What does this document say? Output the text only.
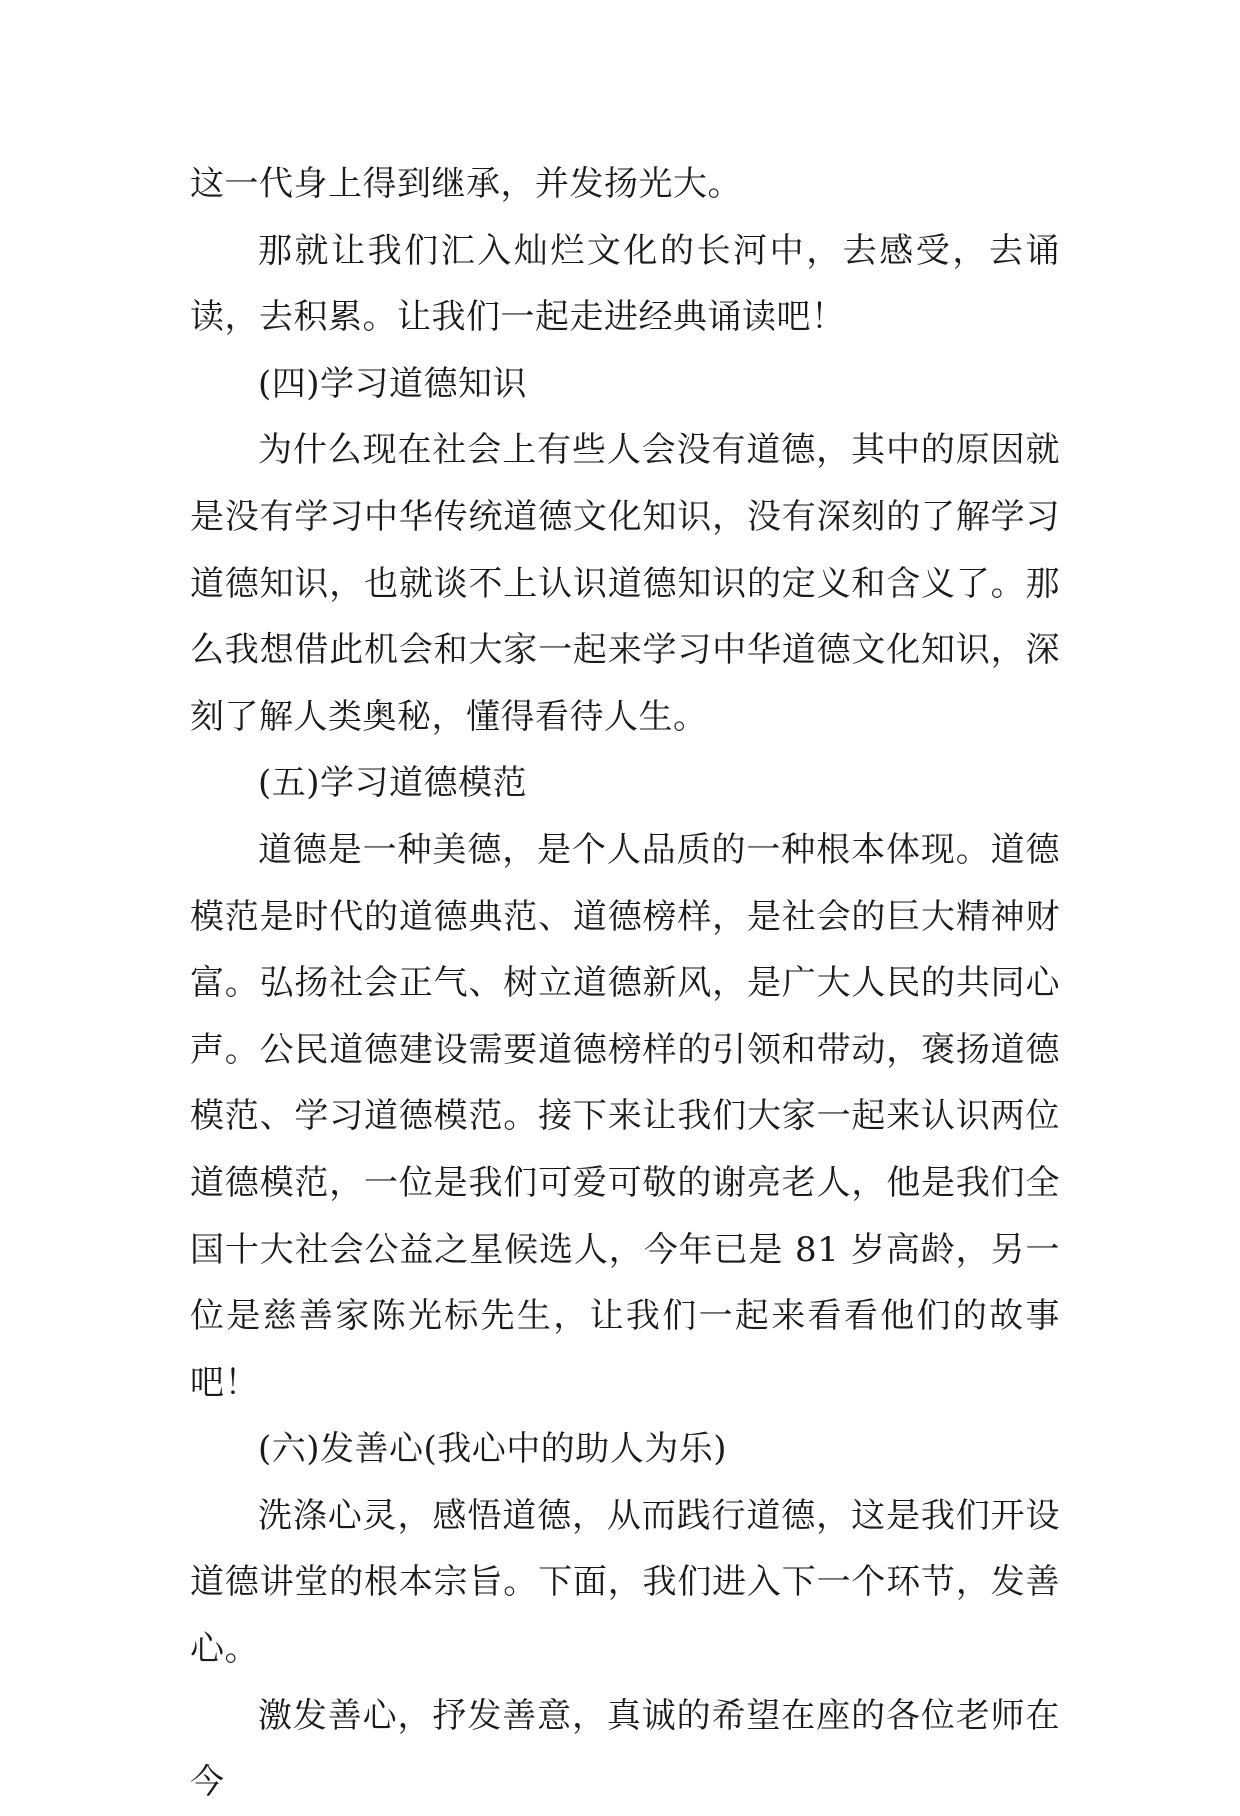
这一代身上得到继承，并发扬光大。

那就让我们汇入灿烂文化的长河中，去感受，去诵读，去积累。让我们一起走进经典诵读吧！

(四)学习道德知识

为什么现在社会上有些人会没有道德，其中的原因就是没有学习中华传统道德文化知识，没有深刻的了解学习道德知识，也就谈不上认识道德知识的定义和含义了。那么我想借此机会和大家一起来学习中华道德文化知识，深刻了解人类奥秘，懂得看待人生。

(五)学习道德模范

道德是一种美德，是个人品质的一种根本体现。道德模范是时代的道德典范、道德榜样，是社会的巨大精神财富。弘扬社会正气、树立道德新风，是广大人民的共同心声。公民道德建设需要道德榜样的引领和带动，褒扬道德模范、学习道德模范。接下来让我们大家一起来认识两位道德模范，一位是我们可爱可敬的谢亮老人，他是我们全国十大社会公益之星候选人，今年已是 81 岁高龄，另一位是慈善家陈光标先生，让我们一起来看看他们的故事吧！

(六)发善心(我心中的助人为乐)

洗涤心灵，感悟道德，从而践行道德，这是我们开设道德讲堂的根本宗旨。下面，我们进入下一个环节，发善心。

激发善心，抒发善意，真诚的希望在座的各位老师在今
